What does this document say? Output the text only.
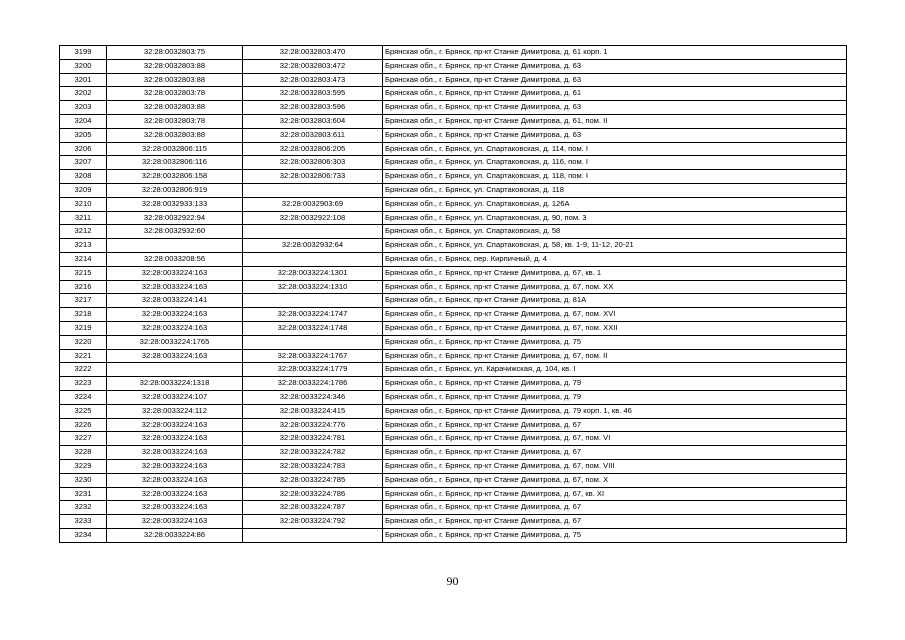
3199	32:28:0032803:75	32:28:0032803:470	Брянская обл., г. Брянск, пр-кт Станке Димитрова, д. 61 корп. 1
3200	32:28:0032803:88	32:28:0032803:472	Брянская обл., г. Брянск, пр-кт Станке Димитрова, д. 63
3201	32:28:0032803:88	32:28:0032803:473	Брянская обл., г. Брянск, пр-кт Станке Димитрова, д. 63
3202	32:28:0032803:78	32:28:0032803:595	Брянская обл., г. Брянск, пр-кт Станке Димитрова, д. 61
3203	32:28:0032803:88	32:28:0032803:596	Брянская обл., г. Брянск, пр-кт Станке Димитрова, д. 63
3204	32:28:0032803:78	32:28:0032803:604	Брянская обл., г. Брянск, пр-кт Станке Димитрова, д. 61, пом. II
3205	32:28:0032803:88	32:28:0032803:611	Брянская обл., г. Брянск, пр-кт Станке Димитрова, д. 63
3206	32:28:0032806:115	32:28:0032806:205	Брянская обл., г. Брянск, ул. Спартаковская, д. 114, пом. I
3207	32:28:0032806:116	32:28:0032806:303	Брянская обл., г. Брянск, ул. Спартаковская, д. 116, пом. I
3208	32:28:0032806:158	32:28:0032806:733	Брянская обл., г. Брянск, ул. Спартаковская, д. 118, пом. I
3209	32:28:0032806:919		Брянская обл., г. Брянск, ул. Спартаковская, д. 118
3210	32:28:0032933:133	32:28:0032903:69	Брянская обл., г. Брянск, ул. Спартаковская, д. 126А
3211	32:28:0032922:94	32:28:0032922:108	Брянская обл., г. Брянск, ул. Спартаковская, д. 90, пом. 3
3212	32:28:0032932:60		Брянская обл., г. Брянск, ул. Спартаковская, д. 58
3213		32:28:0032932:64	Брянская обл., г. Брянск, ул. Спартаковская, д. 58, кв. 1-9, 11-12, 20-21
3214	32:28:0033208:56		Брянская обл., г. Брянск, пер. Кирпичный, д. 4
3215	32:28:0033224:163	32:28:0033224:1301	Брянская обл., г. Брянск, пр-кт Станке Димитрова, д. 67, кв. 1
3216	32:28:0033224:163	32:28:0033224:1310	Брянская обл., г. Брянск, пр-кт Станке Димитрова, д. 67, пом. XX
3217	32:28:0033224:141		Брянская обл., г. Брянск, пр-кт Станке Димитрова, д. 81А
3218	32:28:0033224:163	32:28:0033224:1747	Брянская обл., г. Брянск, пр-кт Станке Димитрова, д. 67, пом. XVI
3219	32:28:0033224:163	32:28:0033224:1748	Брянская обл., г. Брянск, пр-кт Станке Димитрова, д. 67, пом. XXII
3220	32:28:0033224:1765		Брянская обл., г. Брянск, пр-кт Станке Димитрова, д. 75
3221	32:28:0033224:163	32:28:0033224:1767	Брянская обл., г. Брянск, пр-кт Станке Димитрова, д. 67, пом. II
3222		32:28:0033224:1779	Брянская обл., г. Брянск, ул. Карачижская, д. 104, кв. I
3223	32:28:0033224:1318	32:28:0033224:1786	Брянская обл., г. Брянск, пр-кт Станке Димитрова, д. 79
3224	32:28:0033224:107	32:28:0033224:346	Брянская обл., г. Брянск, пр-кт Станке Димитрова, д. 79
3225	32:28:0033224:112	32:28:0033224:415	Брянская обл., г. Брянск, пр-кт Станке Димитрова, д. 79 корп. 1, кв. 46
3226	32:28:0033224:163	32:28:0033224:776	Брянская обл., г. Брянск, пр-кт Станке Димитрова, д. 67
3227	32:28:0033224:163	32:28:0033224:781	Брянская обл., г. Брянск, пр-кт Станке Димитрова, д. 67, пом. VI
3228	32:28:0033224:163	32:28:0033224:782	Брянская обл., г. Брянск, пр-кт Станке Димитрова, д. 67
3229	32:28:0033224:163	32:28:0033224:783	Брянская обл., г. Брянск, пр-кт Станке Димитрова, д. 67, пом. VIII
3230	32:28:0033224:163	32:28:0033224:785	Брянская обл., г. Брянск, пр-кт Станке Димитрова, д. 67, пом. X
3231	32:28:0033224:163	32:28:0033224:786	Брянская обл., г. Брянск, пр-кт Станке Димитрова, д. 67, кв. XI
3232	32:28:0033224:163	32:28:0033224:787	Брянская обл., г. Брянск, пр-кт Станке Димитрова, д. 67
3233	32:28:0033224:163	32:28:0033224:792	Брянская обл., г. Брянск, пр-кт Станке Димитрова, д. 67
3234	32:28:0033224:86		Брянская обл., г. Брянск, пр-кт Станке Димитрова, д. 75
90
